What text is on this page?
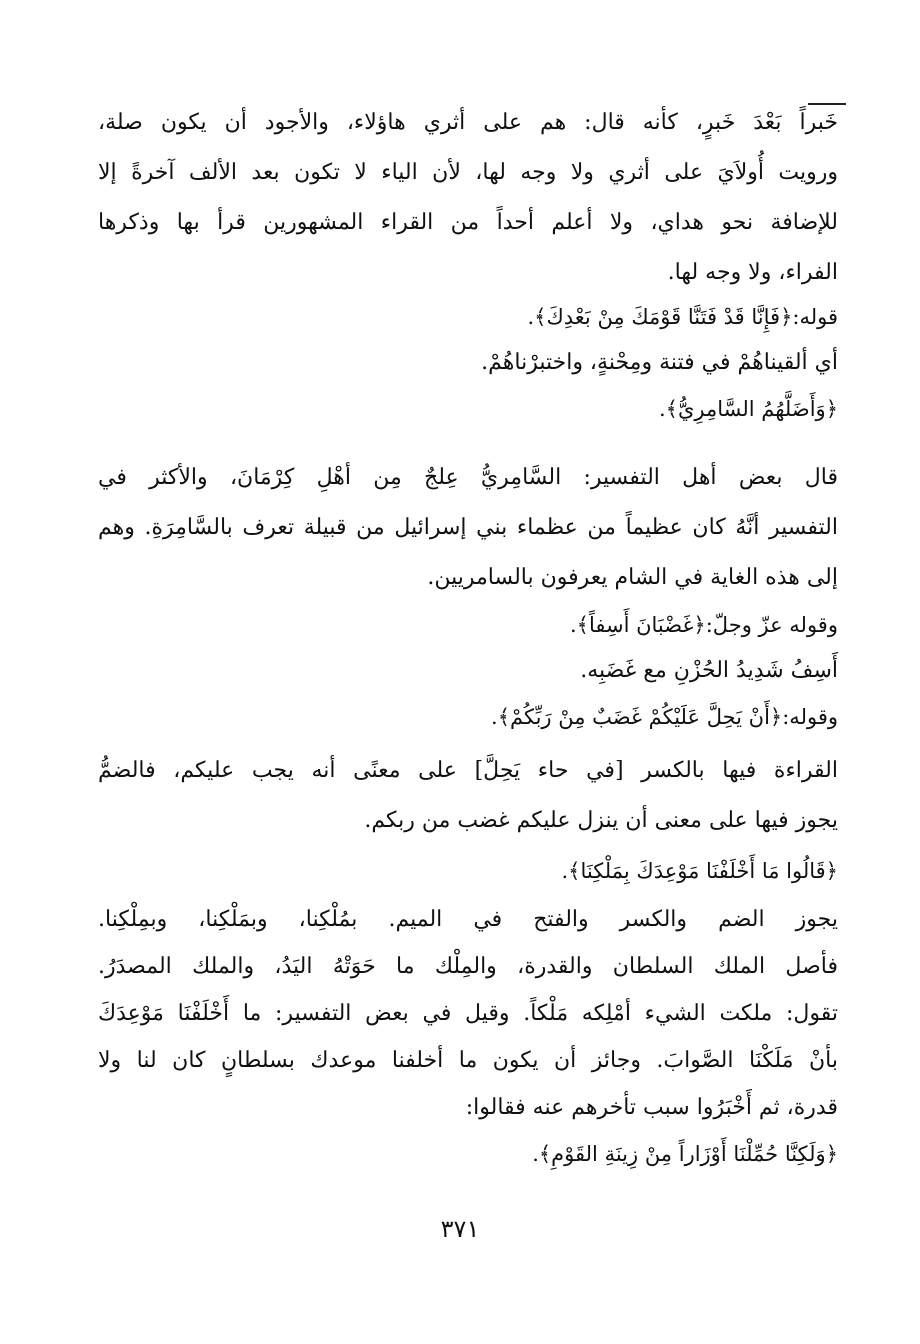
خَبراً بَعْدَ خَبرٍ، كأنه قال: هم على أثري هاؤلاء، والأجود أن يكون صلة،
ورويت أُولاَيَ على أثري ولا وجه لها، لأن الياء لا تكون بعد الألف آخرةً إلا
للإضافة نحو هداي، ولا أعلم أحداً من القراء المشهورين قرأ بها وذكرها
الفراء، ولا وجه لها.
قوله:﴿فَإِنَّا قَدْ فَتَنَّا قَوْمَكَ مِنْ بَعْدِكَ﴾.
أي ألقيناهُمْ في فتنة ومِحْنةٍ، واختبرْناهُمْ.
﴿وَأَضَلَّهُمُ السَّامِرِيُّ﴾.
قال بعض أهل التفسير: السَّامِريُّ عِلجٌ مِن أهْلِ كِرْمَانَ، والأكثر في
التفسير أنَّهُ كان عظيماً من عظماء بني إسرائيل من قبيلة تعرف بالسَّامِرَةِ. وهم
إلى هذه الغاية في الشام يعرفون بالسامريين.
وقوله عزّ وجلّ:﴿غَضْبَانَ أَسِفاً﴾.
أَسِفُ شَدِيدُ الحُزْنِ مع غَضَبِه.
وقوله:﴿أَنْ يَحِلَّ عَلَيْكُمْ غَضَبٌ مِنْ رَبِّكُمْ﴾.
القراءة فيها بالكسر [في حاء يَحِلَّ] على معنًى أنه يجب عليكم، فالضمُّ
يجوز فيها على معنى أن ينزل عليكم غضب من ربكم.
﴿قَالُوا مَا أَخْلَفْنَا مَوْعِدَكَ بِمَلْكِنَا﴾.
يجوز الضم والكسر والفتح في الميم. بمُلْكِنا، وبمَلْكِنا، وبمِلْكِنا.
فأصل الملك السلطان والقدرة، والمِلْك ما حَوَتْهُ اليَدُ، والملك المصدَرُ.
تقول: ملكت الشيء أمْلِكه مَلْكاً. وقيل في بعض التفسير: ما أَخْلَفْنَا مَوْعِدَكَ
بأنْ مَلَكْنَا الصَّوابَ. وجائز أن يكون ما أخلفنا موعدك بسلطانٍ كان لنا ولا
قدرة، ثم أَخْبَرُوا سبب تأخرهم عنه فقالوا:
﴿وَلَكِنَّا حُمِّلْنَا أَوْزَاراً مِنْ زِينَةِ القَوْمِ﴾.
٣٧١
